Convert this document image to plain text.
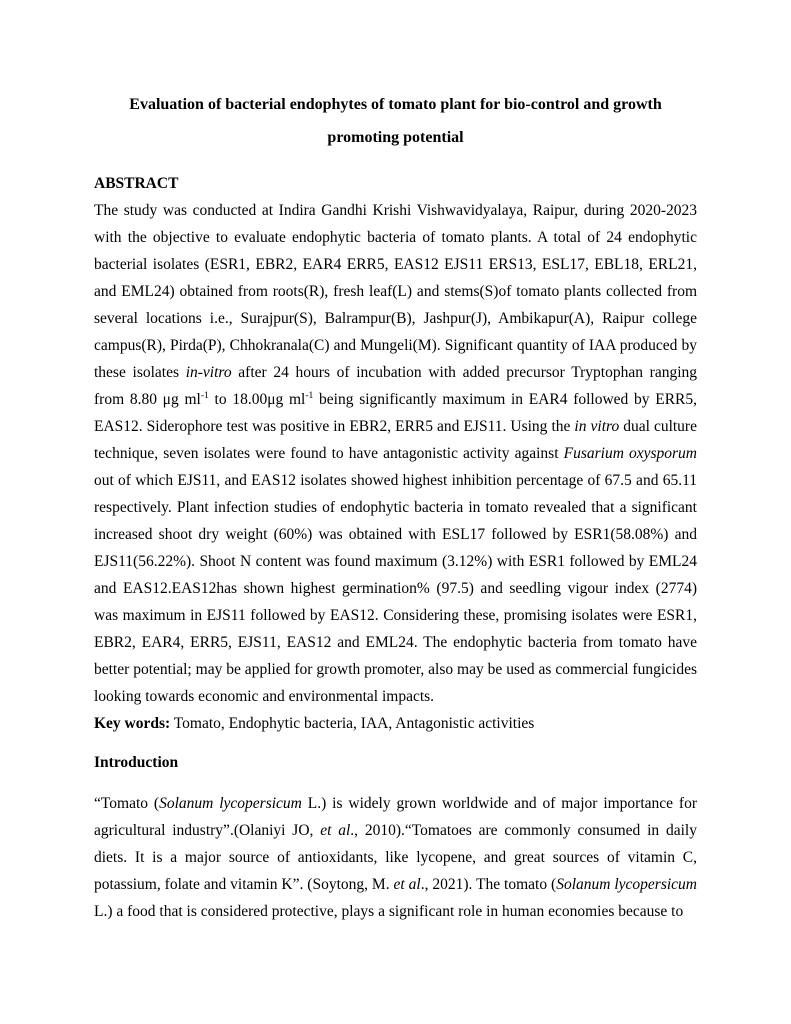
Evaluation of bacterial endophytes of tomato plant for bio-control and growth promoting potential
ABSTRACT

The study was conducted at Indira Gandhi Krishi Vishwavidyalaya, Raipur, during 2020-2023 with the objective to evaluate endophytic bacteria of tomato plants. A total of 24 endophytic bacterial isolates (ESR1, EBR2, EAR4 ERR5, EAS12 EJS11 ERS13, ESL17, EBL18, ERL21, and EML24) obtained from roots(R), fresh leaf(L) and stems(S)of tomato plants collected from several locations i.e., Surajpur(S), Balrampur(B), Jashpur(J), Ambikapur(A), Raipur college campus(R), Pirda(P), Chhokranala(C) and Mungeli(M). Significant quantity of IAA produced by these isolates in-vitro after 24 hours of incubation with added precursor Tryptophan ranging from 8.80 μg $ml^{-1}$ to 18.00μg $ml^{-1}$ being significantly maximum in EAR4 followed by ERR5, EAS12. Siderophore test was positive in EBR2, ERR5 and EJS11. Using the in vitro dual culture technique, seven isolates were found to have antagonistic activity against Fusarium oxysporum out of which EJS11, and EAS12 isolates showed highest inhibition percentage of 67.5 and 65.11 respectively. Plant infection studies of endophytic bacteria in tomato revealed that a significant increased shoot dry weight (60%) was obtained with ESL17 followed by ESR1(58.08%) and EJS11(56.22%). Shoot N content was found maximum (3.12%) with ESR1 followed by EML24 and EAS12.EAS12has shown highest germination% (97.5) and seedling vigour index (2774) was maximum in EJS11 followed by EAS12. Considering these, promising isolates were ESR1, EBR2, EAR4, ERR5, EJS11, EAS12 and EML24. The endophytic bacteria from tomato have better potential; may be applied for growth promoter, also may be used as commercial fungicides looking towards economic and environmental impacts.

Key words: Tomato, Endophytic bacteria, IAA, Antagonistic activities

Introduction

“Tomato (Solanum lycopersicum L.) is widely grown worldwide and of major importance for agricultural industry”.(Olaniyi JO, et al., 2010).“Tomatoes are commonly consumed in daily diets. It is a major source of antioxidants, like lycopene, and great sources of vitamin C, potassium, folate and vitamin K”. (Soytong, M. et al., 2021). The tomato (Solanum lycopersicum L.) a food that is considered protective, plays a significant role in human economies because to
